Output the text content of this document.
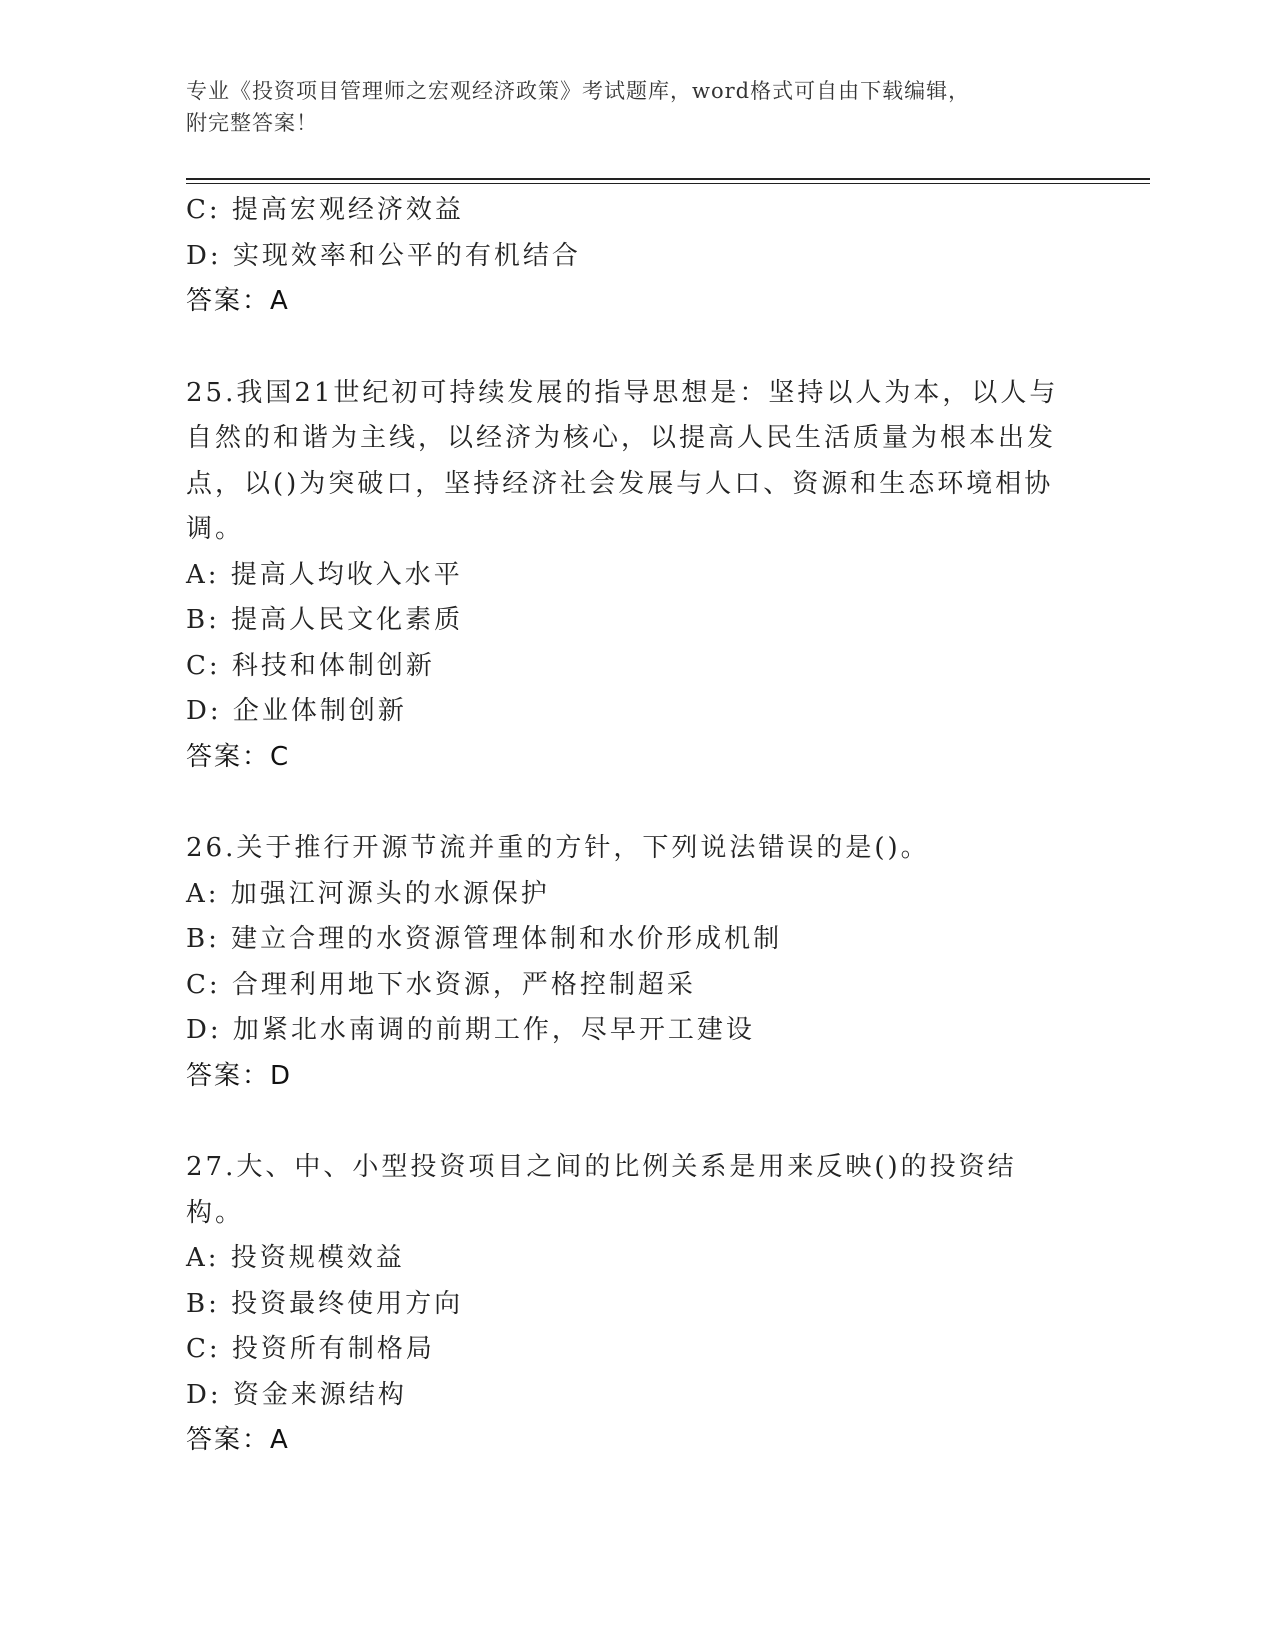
专业《投资项目管理师之宏观经济政策》考试题库，word格式可自由下载编辑，
附完整答案！
C: 提高宏观经济效益
D: 实现效率和公平的有机结合
答案：A
25.我国21世纪初可持续发展的指导思想是：坚持以人为本，以人与自然的和谐为主线，以经济为核心，以提高人民生活质量为根本出发点，以()为突破口，坚持经济社会发展与人口、资源和生态环境相协调。
A: 提高人均收入水平
B: 提高人民文化素质
C: 科技和体制创新
D: 企业体制创新
答案：C
26.关于推行开源节流并重的方针，下列说法错误的是()。
A: 加强江河源头的水源保护
B: 建立合理的水资源管理体制和水价形成机制
C: 合理利用地下水资源，严格控制超采
D: 加紧北水南调的前期工作，尽早开工建设
答案：D
27.大、中、小型投资项目之间的比例关系是用来反映()的投资结构。
A: 投资规模效益
B: 投资最终使用方向
C: 投资所有制格局
D: 资金来源结构
答案：A
